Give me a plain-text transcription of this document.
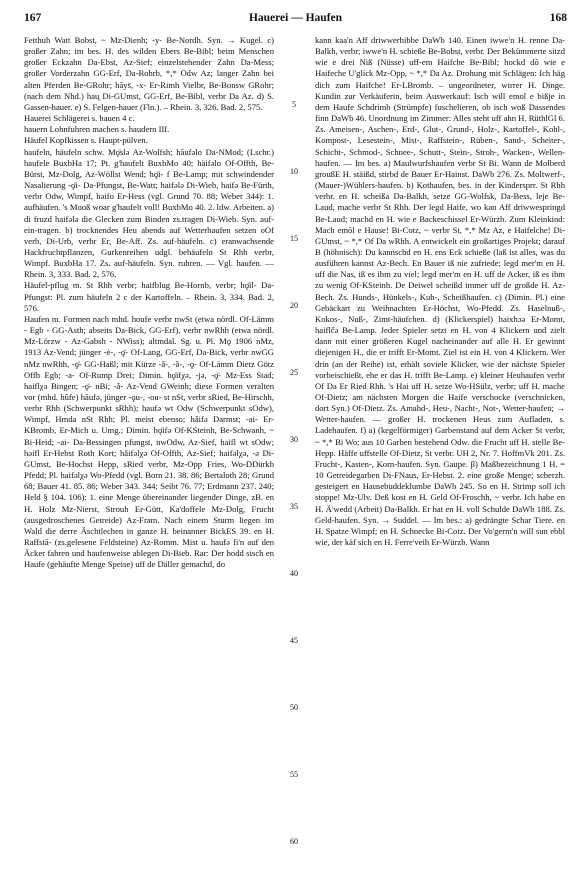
167	Hauerei — Haufen	168

Fetthuh Watt Bobst, ~ Mz-Dienh; -y- Be-Nordh. Syn. → Kugel. c) großer Zahn; im bes. H. des wilden Ebers Be-Bibl; beim Menschen großer Eckzahn Da-Ebst, Az-Sief; einzelstehender Zahn Da-Mess; großer Vorderzahn GG-Erf, Da-Rohrb, *,* Odw Az; langer Zahn bei alten Pferden Be-GRohr; hāys̄, -x- Er-Rimh Vielbr, Be-Bonsw GRohr; (nach dem Nhd.) hau̯ Di-GUmst, GG-Erf, Be-Bibl, verbr Da Az. d) S. Gassen-hauer. e) S. Felgen-hauer (Fln.). – Rhein. 3, 326. Bad. 2, 575.

Hauerei Schlägerei s. hauen 4 c.

hauern Lohnfuhren machen s. haudern III.

Häufel Kopfkissen s. Haupt-pülven.

haufeln, häufeln schw. Mǫ̈slə Az-Wolfsh; hāufəlo Da-NMod; (Lschr.) haufele BuxbHa 17; Pt. g'haufelt BuxbMo 40; häifəlo Of-Offth, Be-Bürst, Mz-Dolg, Az-Wöllst Wend; hǫ̈i- f Be-Lamp; mit schwindender Nasalierung -ǫ̈i- Da-Pfungst, Be-Watt; haifələ Di-Wieb, haifə Be-Fürth, verbr Odw, Wimpf, hǝifo Er-Hess (vgl. Grund 70. 88; Weber 344): 1. aufhäufen. 's Mooß woar g'haufelt voll! BuxbMo 40. 2. ldw. Arbeiten. a) di fruzd haifələ die Glecken zum Binden zs.tragen Di-Wieb. Syn. auf-ein-tragen. b) trocknendes Heu abends auf Wetterhaufen setzen oOf verb, Di-Urb, verbr Er, Be-Aff. Zs. auf-häufeln. c) eranwachsende Hackfruchtpflanzen, Gurkenreihen udgl. behäufeln St Rhh verbr, Wimpf. BuxbHa 17. Zs. auf-häufeln. Syn. ruhren. — Vgl. haufen. — Rhein. 3, 333. Bad. 2, 576.

Häufel-pflug m. St Rhh verbr; haifblug Be-Hornb, verbr; hǫ̈il- Da-Pfungst: Pl. zum häufeln 2 c der Kartoffeln. – Rhein. 3, 334. Bad. 2, 576.

Haufen m. Formen nach mhd. houfe verbr nwSt (etwa nördl. Of-Lämm - Egb - GG-Asth; abseits Da-Bick, GG-Erf), verbr nwRhh (etwa nördl. Mz-Lörzw - Az-Gabsh - NWiss); altmdal. Sg. u. Pl. Mǫ 1906 nMz, 1913 Az-Vend; jünger -ė-, -ǫ̈- Of-Lang, GG-Erf, Da-Bick, verbr nwGG nMz nwRhh, -ǫ̈- GG-Haßl; mit Kürze -ǎ-, -ǎ-, -ǫ- Of-Lämm Dietz Götz Offh Egb; -a- Of-Rump Drei; Dimin. hǫ̈ifχə, -jə, -ǫ̈- Mz-Ess Stad; haiflχə Bingen; -ǫ̈- nBi; -ǎ- Az-Vend GWeinh; diese Formen veralten vor (mhd. hūfe) hāufə, jünger -ǫu-, -ou- st nSt, verbr sRied, Be-Hirschh, verbr Rhh (Schwerpunkt sRhh); haufə wt Odw (Schwerpunkt sOdw), Wimpf, Hmda nSt Rhh; Pl. meist ebenso; hǎifə Darmst; -ai- Er-KBromb, Er-Mich u. Umg.; Dimin. hǫ̈ifǝ Of-KSteinh, Be-Schwanh, ~ Bi-Heid; -ai- Da-Bessingen pfungst, nwOdw, Az-Sief, haifl wt sOdw; hǝifl Er-Hebst Roth Kort; hǎifəlχə Of-Offth, Az-Sief; haifǝlχə, -ǝ Di-GUmst, Be-Hochst Hepp, sRied verbr, Mz-Opp Fries, Wo-DDürkh Pfedd; Pl. haifǝlχə Wo-Pfedd (vgl. Born 21. 38. 86; Bertaloth 28; Grund 68; Bauer 41. 85. 86; Weber 343. 344; Seibt 76. 77; Erdmann 237. 240; Held § 104. 106): 1. eine Menge übereinander liegender Dinge, zB. en H. Holz Mz-Nierst, Strouh Er-Gütt, Ka'doffele Mz-Dolg, Frucht (ausgedroschenes Getreide) Az-Fram. Nach einem Sturm liegen im Wald die derre Äschtlechen in ganze H. beinanner BickES 39. en H. Raffstā- (zs.gelesene Feldsteine) Az-Romm. Mist u. haufə fi'n auf den Äcker fahren und haufenweise ablegen Di-Bieb. Rar: Der hodd sisch en Haufe (gehäufte Menge Speise) uff de Däller gemachd, do

5
10
15
20
25
30
35
40
45
50
55
60

kann kaa'n Aff driwwerhibbe DaWb 140. Einen iwwe'n H. renne Da-Balkh, verbr; iwwe'n H. schieße Be-Bobst, verbr. Der Bekümmerte sitzd wie e drei Niß (Nüsse) uff-em Haifche Be-Bibl; hockd dō wie e Haifeche U'glick Mz-Opp, ~ *,* Da Az. Drohung mit Schlägen: Ich häg dich zum Haifche! Er-LBromb. – ungeordneter, wirrer H. Dinge. Kundin zur Verkäuferin, beim Auswerkauf: Isch will emol e bißje in dem Haufe Schdrimb (Strümpfe) fuschelieren, ob isch woß Dassendes finn DaWb 46. Unordnung im Zimmer: Alles steht uff ahn H. RüthlGl 6. Zs. Ameisen-, Aschen-, Erd-, Glut-, Grund-, Holz-, Kartoffel-, Kohl-, Kompost-, Lesestein-, Mist-, Raffstein-, Rüben-, Sand-, Scheiter-, Schicht-, Schmod-, Schnee-, Schutt-, Stein-, Stroh-, Wacken-, Wellen-haufen. — Im bes. a) Maulwurfshaufen verbr St Bi. Wann de Molberd groußE H. stäißd, stirbd de Bauer Er-Hainst. DaWb 276. Zs. Moltwerf-, (Mauer-)Wühlers-haufen. b) Kothaufen, bes. in der Kindersprr. St Rhh verbr. en H. scheißa Da-Balkh, setze GG-Wolfsk, Da-Bess, leje Be-Laud, mache verbr St Rhh. Der legd Haife, wo kan Aff driwwespringd Be-Laud; machd en H. wie e Backeschissel Er-Würzb. Zum Kleinkind: Mach emōl e Hause! Bi-Cotz, ~ verbr St, *,* Mz Az, e Haifelche! Di-GUmst, ~ *,* Of Da wRhh. A entwickelt ein großartiges Projekt; darauf B (höhnisch): Du kannschd en H. ens Eck schieße (laß ist alles, was du ausführen kannst Az-Bech. En Bauer iß nie zufriede; legd mer'm en H. uff die Nas, iß es ihm zu viel; legd mer'm en H. uff de Acker, iß es ihm zu wenig Of-KSteinh. De Deiwel scheißd immer uff de großde H. Az-Bech. Zs. Hunds-, Hünkels-, Kuh-, Scheißhaufen. c) (Dimin. Pl.) eine Gebäckart zu Weihnachten Er-Höchst, Wo-Pfedd. Zs. Haselnuß-, Kokos-, Nuß-, Zimt-häufchen. d) (Klickerspiel) haixhɔə Er-Momt, haiflčə Be-Lamp. Jeder Spieler setzt en H. von 4 Klickern und zielt dann mit einer größeren Kugel nacheinander auf alle H. Er gewinnt diejenigen H., die er trifft Er-Momt. Ziel ist ein H. von 4 Klickern. Wer drin (an der Reihe) ist, erhält soviele Klicker, wie der nächste Spieler vorbeischießt, ehe er das H. trifft Be-Lamp. e) kleiner Heuhaufen verbr Of Da Er Ried Rhh. 's Hai uff H. setze Wo-HSülz, verbr; uff H. mache Of-Dietz; am nächsten Morgen die Haife verschocke (verschnicken, dort Syn.) Of-Dietz. Zs. Amahd-, Heu-, Nacht-, Not-, Wetter-haufen; → Wetter-haufen. — großer H. trockenen Heus zum Aufladen, s. Ladehaufen. f) a) (kegelförmiger) Garbenstand auf dem Acker St verbr, ~ *,* Bi Wo; aus 10 Garben bestehend Odw. die Frucht uff H. stelle Be-Hepp. Häffe uffstelle Of-Dietz, St verbr. UH 2, Nr. 7. HoffmVk 201. Zs. Frucht-, Kasten-, Korn-haufen. Syn. Gaupe. β) Maßbezeichnung 1 H. = 10 Getreidegarben Di-FNaus, Er-Hebst. 2. eine große Menge; scherzh. gesteigert en Hausebuddeklumbe DaWb 245. So en H. Strimp soll ich stoppe! Mz-Ulv. Deß kost en H. Geld Of-Froschh, ~ verbr. Ich habe en H. Ä'wedd (Arbeit) Da-Balkh. Er hat en H. voll Schulde DaWb 188. Zs. Geld-haufen. Syn. → Suddel. — Im bes.: a) gedrängte Schar Tiere. en H. Spatze Wimpf; en H. Schnecke Bi-Cotz. Der Vo'germ'n will sun ebbl wie, der käf sich en H. Ferre'veih Er-Würzb. Wann
